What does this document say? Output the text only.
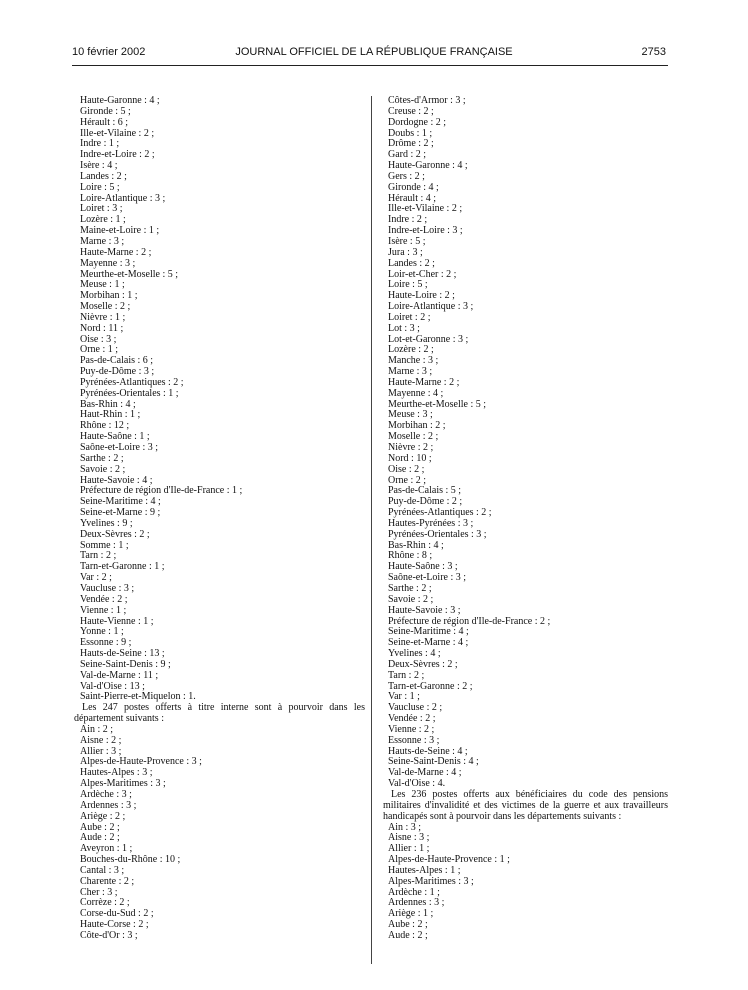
10 février 2002	JOURNAL OFFICIEL DE LA RÉPUBLIQUE FRANÇAISE	2753
Haute-Garonne : 4 ;
Gironde : 5 ;
Hérault : 6 ;
Ille-et-Vilaine : 2 ;
Indre : 1 ;
Indre-et-Loire : 2 ;
Isère : 4 ;
Landes : 2 ;
Loire : 5 ;
Loire-Atlantique : 3 ;
Loiret : 3 ;
Lozère : 1 ;
Maine-et-Loire : 1 ;
Marne : 3 ;
Haute-Marne : 2 ;
Mayenne : 3 ;
Meurthe-et-Moselle : 5 ;
Meuse : 1 ;
Morbihan : 1 ;
Moselle : 2 ;
Nièvre : 1 ;
Nord : 11 ;
Oise : 3 ;
Orne : 1 ;
Pas-de-Calais : 6 ;
Puy-de-Dôme : 3 ;
Pyrénées-Atlantiques : 2 ;
Pyrénées-Orientales : 1 ;
Bas-Rhin : 4 ;
Haut-Rhin : 1 ;
Rhône : 12 ;
Haute-Saône : 1 ;
Saône-et-Loire : 3 ;
Sarthe : 2 ;
Savoie : 2 ;
Haute-Savoie : 4 ;
Préfecture de région d'Ile-de-France : 1 ;
Seine-Maritime : 4 ;
Seine-et-Marne : 9 ;
Yvelines : 9 ;
Deux-Sèvres : 2 ;
Somme : 1 ;
Tarn : 2 ;
Tarn-et-Garonne : 1 ;
Var : 2 ;
Vaucluse : 3 ;
Vendée : 2 ;
Vienne : 1 ;
Haute-Vienne : 1 ;
Yonne : 1 ;
Essonne : 9 ;
Hauts-de-Seine : 13 ;
Seine-Saint-Denis : 9 ;
Val-de-Marne : 11 ;
Val-d'Oise : 13 ;
Saint-Pierre-et-Miquelon : 1.
Les 247 postes offerts à titre interne sont à pourvoir dans les département suivants :
Ain : 2 ;
Aisne : 2 ;
Allier : 3 ;
Alpes-de-Haute-Provence : 3 ;
Hautes-Alpes : 3 ;
Alpes-Maritimes : 3 ;
Ardèche : 3 ;
Ardennes : 3 ;
Ariège : 2 ;
Aube : 2 ;
Aude : 2 ;
Aveyron : 1 ;
Bouches-du-Rhône : 10 ;
Cantal : 3 ;
Charente : 2 ;
Cher : 3 ;
Corrèze : 2 ;
Corse-du-Sud : 2 ;
Haute-Corse : 2 ;
Côte-d'Or : 3 ;
Côtes-d'Armor : 3 ;
Creuse : 2 ;
Dordogne : 2 ;
Doubs : 1 ;
Drôme : 2 ;
Gard : 2 ;
Haute-Garonne : 4 ;
Gers : 2 ;
Gironde : 4 ;
Hérault : 4 ;
Ille-et-Vilaine : 2 ;
Indre : 2 ;
Indre-et-Loire : 3 ;
Isère : 5 ;
Jura : 3 ;
Landes : 2 ;
Loir-et-Cher : 2 ;
Loire : 5 ;
Haute-Loire : 2 ;
Loire-Atlantique : 3 ;
Loiret : 2 ;
Lot : 3 ;
Lot-et-Garonne : 3 ;
Lozère : 2 ;
Manche : 3 ;
Marne : 3 ;
Haute-Marne : 2 ;
Mayenne : 4 ;
Meurthe-et-Moselle : 5 ;
Meuse : 3 ;
Morbihan : 2 ;
Moselle : 2 ;
Nièvre : 2 ;
Nord : 10 ;
Oise : 2 ;
Orne : 2 ;
Pas-de-Calais : 5 ;
Puy-de-Dôme : 2 ;
Pyrénées-Atlantiques : 2 ;
Hautes-Pyrénées : 3 ;
Pyrénées-Orientales : 3 ;
Bas-Rhin : 4 ;
Rhône : 8 ;
Haute-Saône : 3 ;
Saône-et-Loire : 3 ;
Sarthe : 2 ;
Savoie : 2 ;
Haute-Savoie : 3 ;
Préfecture de région d'Ile-de-France : 2 ;
Seine-Maritime : 4 ;
Seine-et-Marne : 4 ;
Yvelines : 4 ;
Deux-Sèvres : 2 ;
Tarn : 2 ;
Tarn-et-Garonne : 2 ;
Var : 1 ;
Vaucluse : 2 ;
Vendée : 2 ;
Vienne : 2 ;
Essonne : 3 ;
Hauts-de-Seine : 4 ;
Seine-Saint-Denis : 4 ;
Val-de-Marne : 4 ;
Val-d'Oise : 4.
Les 236 postes offerts aux bénéficiaires du code des pensions militaires d'invalidité et des victimes de la guerre et aux travailleurs handicapés sont à pourvoir dans les départements suivants :
Ain : 3 ;
Aisne : 3 ;
Allier : 1 ;
Alpes-de-Haute-Provence : 1 ;
Hautes-Alpes : 1 ;
Alpes-Maritimes : 3 ;
Ardèche : 1 ;
Ardennes : 3 ;
Ariège : 1 ;
Aube : 2 ;
Aude : 2 ;
